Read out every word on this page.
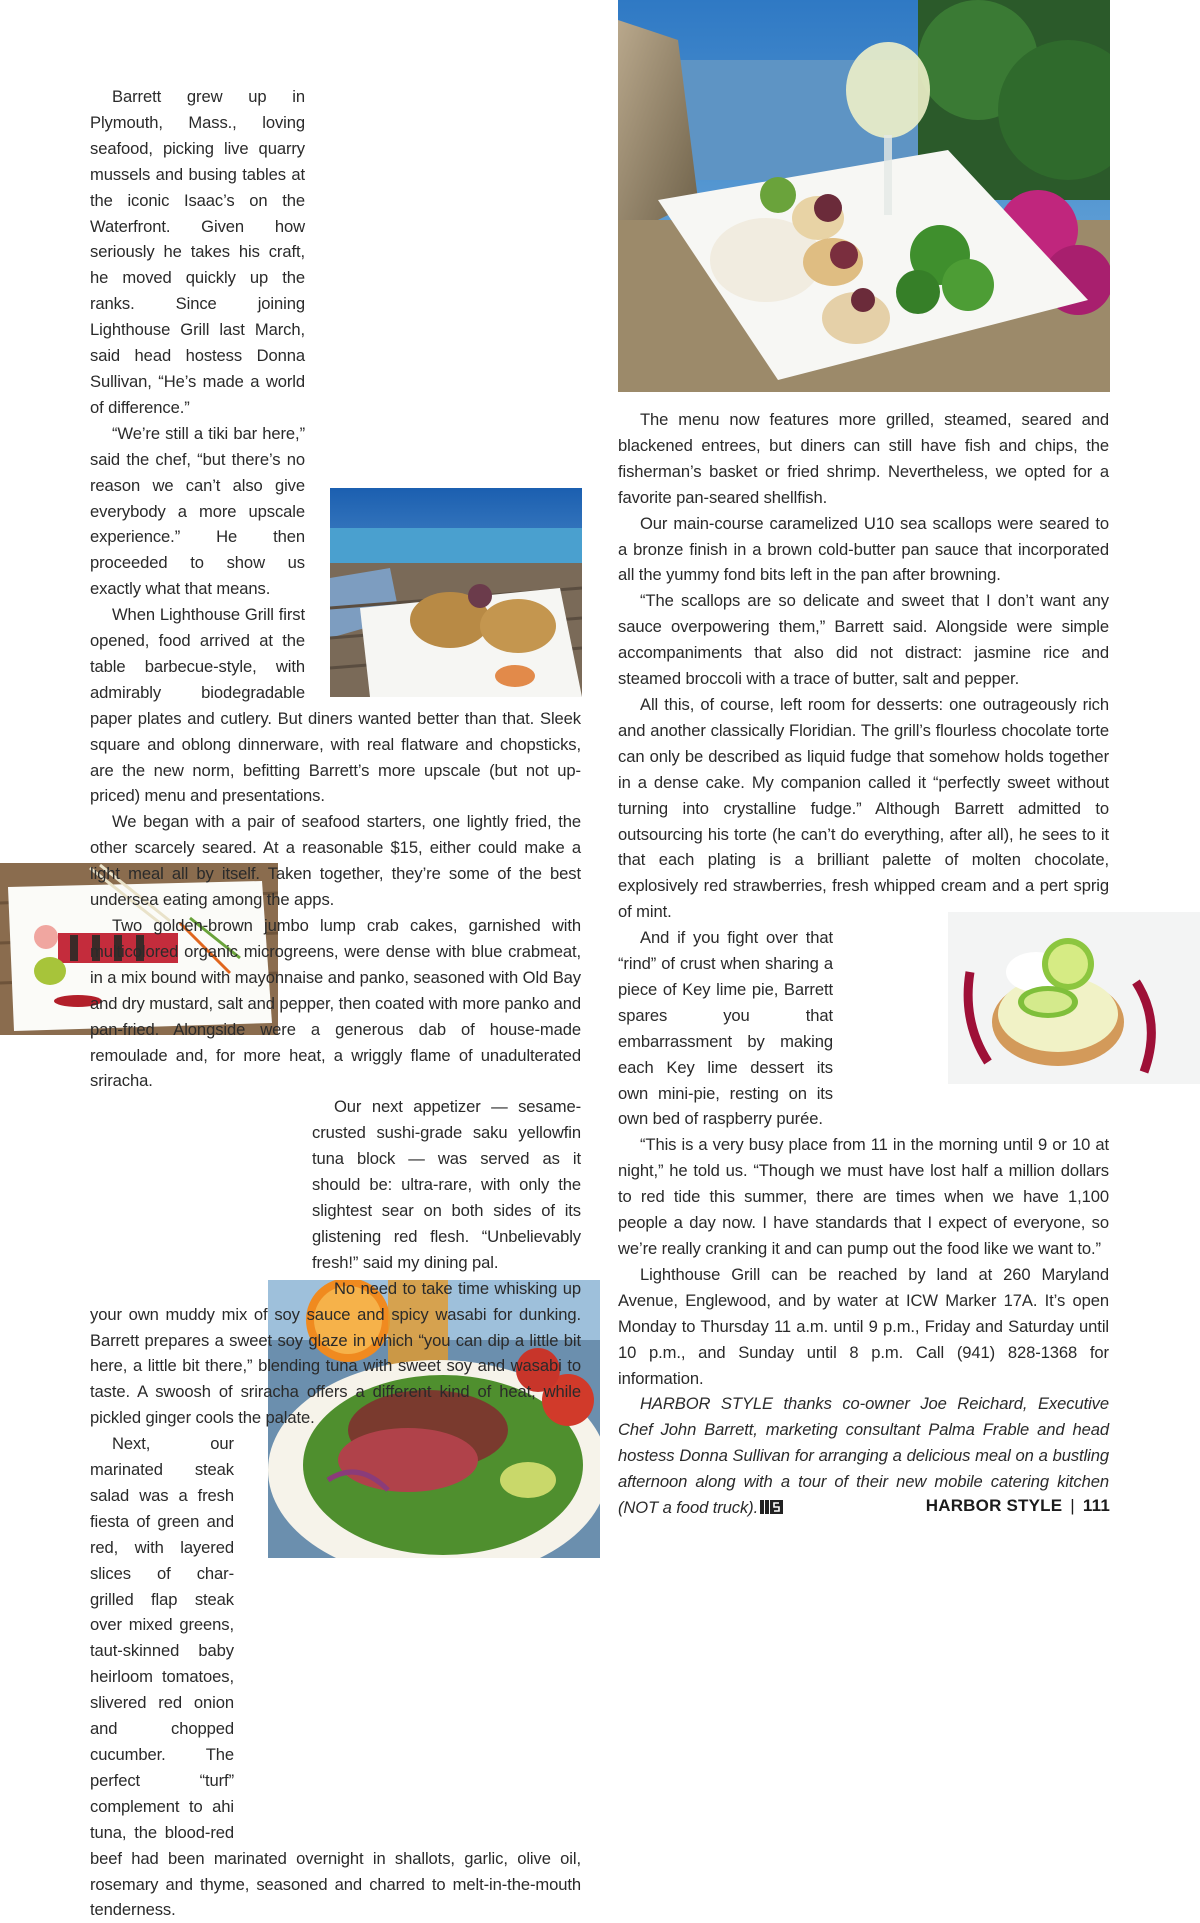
Barrett grew up in Plymouth, Mass., loving seafood, picking live quarry mussels and busing tables at the iconic Isaac’s on the Waterfront. Given how seriously he takes his craft, he moved quickly up the ranks. Since joining Lighthouse Grill last March, said head hostess Donna Sullivan, “He’s made a world of difference.”

“We’re still a tiki bar here,” said the chef, “but there’s no reason we can’t also give everybody a more upscale experience.” He then proceeded to show us exactly what that means.

When Lighthouse Grill first opened, food arrived at the table barbecue-style, with admirably biodegradable paper plates and cutlery. But diners wanted better than that. Sleek square and oblong dinnerware, with real flatware and chopsticks, are the new norm, befitting Barrett’s more upscale (but not up-priced) menu and presentations.

We began with a pair of seafood starters, one lightly fried, the other scarcely seared. At a reasonable $15, either could make a light meal all by itself. Taken together, they’re some of the best undersea eating among the apps.

Two golden-brown jumbo lump crab cakes, garnished with multicolored organic microgreens, were dense with blue crabmeat, in a mix bound with mayonnaise and panko, seasoned with Old Bay and dry mustard, salt and pepper, then coated with more panko and pan-fried. Alongside were a generous dab of house-made remoulade and, for more heat, a wriggly flame of unadulterated sriracha.

Our next appetizer — sesame-crusted sushi-grade saku yellowfin tuna block — was served as it should be: ultra-rare, with only the slightest sear on both sides of its glistening red flesh. “Unbelievably fresh!” said my dining pal.

No need to take time whisking up your own muddy mix of soy sauce and spicy wasabi for dunking. Barrett prepares a sweet soy glaze in which “you can dip a little bit here, a little bit there,” blending tuna with sweet soy and wasabi to taste. A swoosh of sriracha offers a different kind of heat, while pickled ginger cools the palate.

Next, our marinated steak salad was a fresh fiesta of green and red, with layered slices of char-grilled flap steak over mixed greens, taut-skinned baby heirloom tomatoes, slivered red onion and chopped cucumber. The perfect “turf” complement to ahi tuna, the blood-red beef had been marinated overnight in shallots, garlic, olive oil, rosemary and thyme, seasoned and charred to melt-in-the-mouth tenderness.

The menu now features more grilled, steamed, seared and blackened entrees, but diners can still have fish and chips, the fisherman’s basket or fried shrimp. Nevertheless, we opted for a favorite pan-seared shellfish.

Our main-course caramelized U10 sea scallops were seared to a bronze finish in a brown cold-butter pan sauce that incorporated all the yummy fond bits left in the pan after browning.

“The scallops are so delicate and sweet that I don’t want any sauce overpowering them,” Barrett said. Alongside were simple accompaniments that also did not distract: jasmine rice and steamed broccoli with a trace of butter, salt and pepper.

All this, of course, left room for desserts: one outrageously rich and another classically Floridian. The grill’s flourless chocolate torte can only be described as liquid fudge that somehow holds together in a dense cake. My companion called it “perfectly sweet without turning into crystalline fudge.” Although Barrett admitted to outsourcing his torte (he can’t do everything, after all), he sees to it that each plating is a brilliant palette of molten chocolate, explosively red strawberries, fresh whipped cream and a pert sprig of mint.

And if you fight over that “rind” of crust when sharing a piece of Key lime pie, Barrett spares you that embarrassment by making each Key lime dessert its own mini-pie, resting on its own bed of raspberry purée.

“This is a very busy place from 11 in the morning until 9 or 10 at night,” he told us. “Though we must have lost half a million dollars to red tide this summer, there are times when we have 1,100 people a day now. I have standards that I expect of everyone, so we’re really cranking it and can pump out the food like we want to.”

Lighthouse Grill can be reached by land at 260 Maryland Avenue, Englewood, and by water at ICW Marker 17A. It’s open Monday to Thursday 11 a.m. until 9 p.m., Friday and Saturday until 10 p.m., and Sunday until 8 p.m. Call (941) 828-1368 for information.

HARBOR STYLE thanks co-owner Joe Reichard, Executive Chef John Barrett, marketing consultant Palma Frable and head hostess Donna Sullivan for arranging a delicious meal on a bustling afternoon along with a tour of their new mobile catering kitchen (NOT a food truck).	HARBOR STYLE | 111
